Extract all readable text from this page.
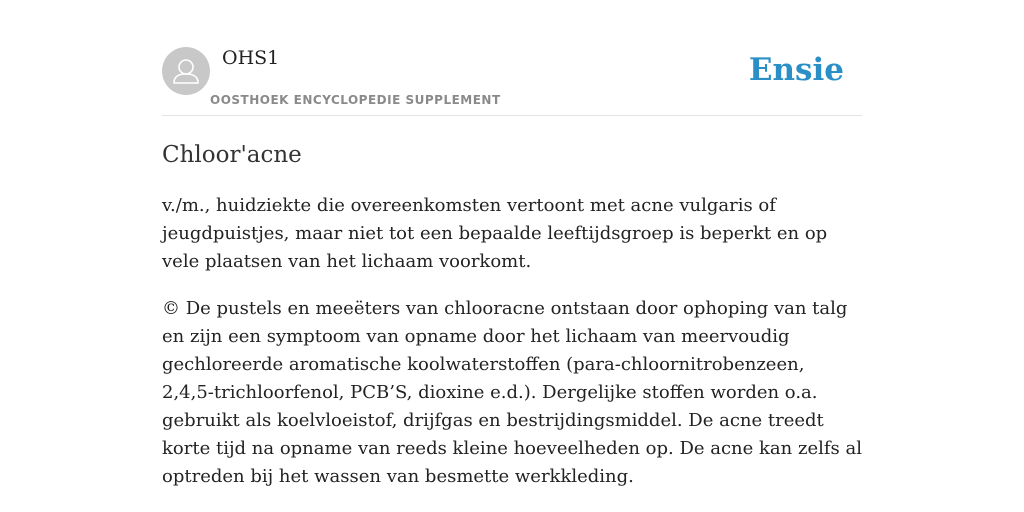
OHS1
OOSTHOEK ENCYCLOPEDIE SUPPLEMENT
Ensie
Chloor'acne

v./m., huidziekte die overeenkomsten vertoont met acne vulgaris of jeugdpuistjes, maar niet tot een bepaalde leeftijdsgroep is beperkt en op vele plaatsen van het lichaam voorkomt.

© De pustels en meeëters van chlooracne ontstaan door ophoping van talg en zijn een symptoom van opname door het lichaam van meervoudig gechloreerde aromatische koolwaterstoffen (para-chloornitrobenzeen, 2,4,5-trichloorfenol, PCB’S, dioxine e.d.). Dergelijke stoffen worden o.a. gebruikt als koelvloeistof, drijfgas en bestrijdingsmiddel. De acne treedt korte tijd na opname van reeds kleine hoeveelheden op. De acne kan zelfs al optreden bij het wassen van besmette werkkleding.
